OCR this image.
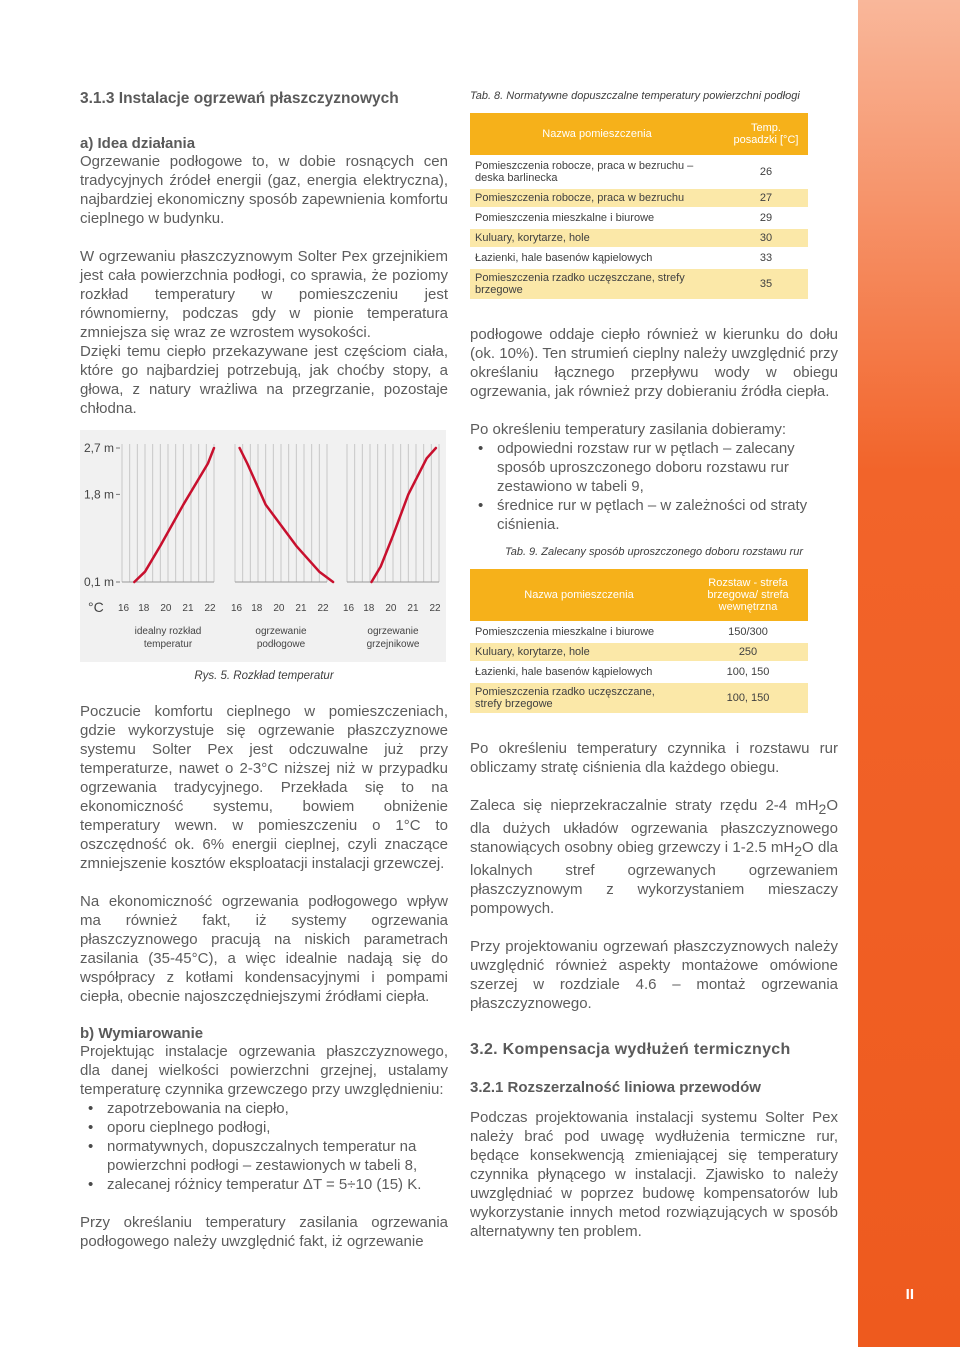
II
3.1.3 Instalacje ogrzewań płaszczyznowych
a) Idea działania

Ogrzewanie podłogowe to, w dobie rosnących cen tradycyjnych źródeł energii (gaz, energia elektryczna), najbardziej ekonomiczny sposób zapewnienia komfortu cieplnego w budynku.

W ogrzewaniu płaszczyznowym Solter Pex grzejnikiem jest cała powierzchnia podłogi, co sprawia, że poziomy rozkład temperatury w pomieszczeniu jest równomierny, podczas gdy w pionie temperatura zmniejsza się wraz ze wzrostem wysokości.

Dzięki temu ciepło przekazywane jest częściom ciała, które go najbardziej potrzebują, jak choćby stopy, a głowa, z natury wrażliwa na przegrzanie, pozostaje chłodna.

2,7 m
1,8 m
0,1 m
°C 16 18 20 21 22
idealny rozkład
temperatur
16 18 20 21 22
ogrzewanie
podłogowe
16 18 20 21 22
ogrzewanie
grzejnikowe
Rys. 5. Rozkład temperatur

Poczucie komfortu cieplnego w pomieszczeniach, gdzie wykorzystuje się ogrzewanie płaszczyznowe systemu Solter Pex jest odczuwalne już przy temperaturze, nawet o 2-3°C niższej niż w przypadku ogrzewania tradycyjnego. Przekłada się to na ekonomiczność systemu, bowiem obniżenie temperatury wewn. w pomieszczeniu o 1°C to oszczędność ok. 6% energii cieplnej, czyli znaczące zmniejszenie kosztów eksploatacji instalacji grzewczej.

Na ekonomiczność ogrzewania podłogowego wpływ ma również fakt, iż systemy ogrzewania płaszczyznowego pracują na niskich parametrach zasilania (35-45°C), a więc idealnie nadają się do współpracy z kotłami kondensacyjnymi i pompami ciepła, obecnie najoszczędniejszymi źródłami ciepła.

b) Wymiarowanie

Projektując instalacje ogrzewania płaszczyznowego, dla danej wielkości powierzchni grzejnej, ustalamy temperaturę czynnika grzewczego przy uwzględnieniu:

• zapotrzebowania na ciepło,
• oporu cieplnego podłogi,
• normatywnych, dopuszczalnych temperatur na powierzchni podłogi – zestawionych w tabeli 8,
• zalecanej różnicy temperatur ΔT = 5÷10 (15) K.

Przy określaniu temperatury zasilania ogrzewania podłogowego należy uwzględnić fakt, iż ogrzewanie

Tab. 8. Normatywne dopuszczalne temperatury powierzchni podłogi
Nazwa pomieszczenia	Temp. posadzki [°C]
Pomieszczenia robocze, praca w bezruchu – deska barlinecka	26
Pomieszczenia robocze, praca w bezruchu	27
Pomieszczenia mieszkalne i biurowe	29
Kuluary, korytarze, hole	30
Łazienki, hale basenów kąpielowych	33
Pomieszczenia rzadko uczęszczane, strefy brzegowe	35

podłogowe oddaje ciepło również w kierunku do dołu (ok. 10%). Ten strumień cieplny należy uwzględnić przy określaniu łącznego przepływu wody w obiegu ogrzewania, jak również przy dobieraniu źródła ciepła.

Po określeniu temperatury zasilania dobieramy:

• odpowiedni rozstaw rur w pętlach – zalecany sposób uproszczonego doboru rozstawu rur zestawiono w tabeli 9,
• średnice rur w pętlach – w zależności od straty ciśnienia.
Tab. 9. Zalecany sposób uproszczonego doboru rozstawu rur
Nazwa pomieszczenia	Rozstaw - strefa brzegowa/ strefa wewnętrzna
Pomieszczenia mieszkalne i biurowe	150/300
Kuluary, korytarze, hole	250
Łazienki, hale basenów kąpielowych	100, 150
Pomieszczenia rzadko uczęszczane, strefy brzegowe	100, 150

Po określeniu temperatury czynnika i rozstawu rur obliczamy stratę ciśnienia dla każdego obiegu.

Zaleca się nieprzekraczalnie straty rzędu 2-4 $mH_2O$ dla dużych układów ogrzewania płaszczyznowego stanowiących osobny obieg grzewczy i 1-2.5 $mH_2O$ dla lokalnych stref ogrzewanych ogrzewaniem płaszczyznowym z wykorzystaniem mieszaczy pompowych.

Przy projektowaniu ogrzewań płaszczyznowych należy uwzględnić również aspekty montażowe omówione szerzej w rozdziale 4.6 – montaż ogrzewania płaszczyznowego.

3.2. Kompensacja wydłużeń termicznych
3.2.1 Rozszerzalność liniowa przewodów

Podczas projektowania instalacji systemu Solter Pex należy brać pod uwagę wydłużenia termiczne rur, będące konsekwencją zmieniającej się temperatury czynnika płynącego w instalacji. Zjawisko to należy uwzględniać w poprzez budowę kompensatorów lub wykorzystanie innych metod rozwiązujących w sposób alternatywny ten problem.
